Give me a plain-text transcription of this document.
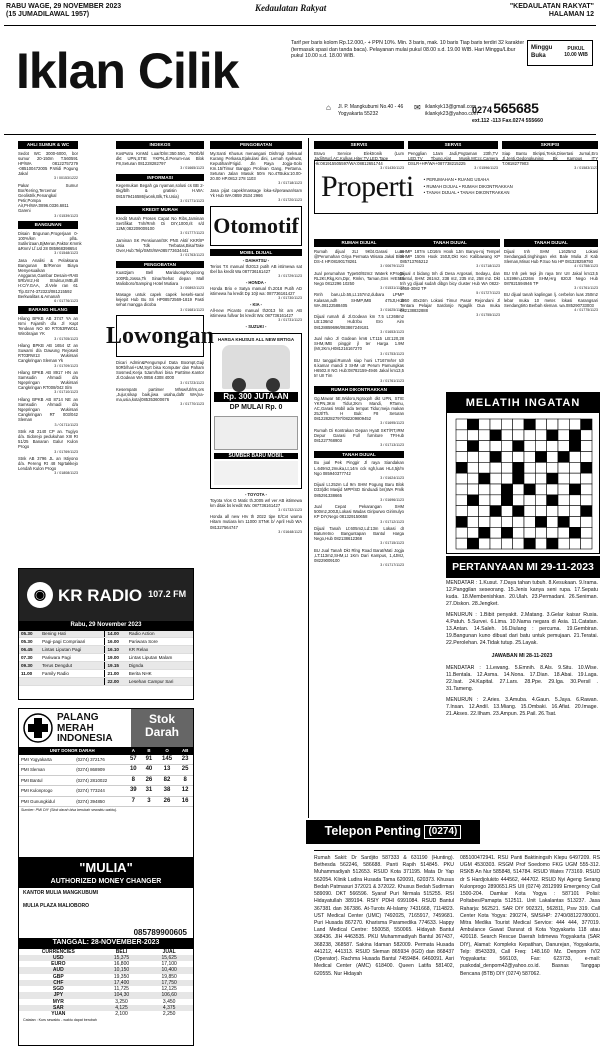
RABU WAGE, 29 NOVEMBER 2023
(15 JUMADILAWAL 1957)
Kedaulatan Rakyat	"KEDAULATAN RAKYAT"
HALAMAN 12
Iklan Cilik	Tarif per baris kolom Rp.12.000,- + PPN 10%. Min. 3 baris, mak. 10 baris Tiap baris terdiri 32 karakter (termasuk spasi dan tanda baca). Pelayanan mulai pukul 08.00 s.d. 19.00 WIB. Hari Minggu/Libur pukul 10.00 s.d. 18.00 WIB.
Minggu
Buka
PUKUL
10.00 WIB
⌂ Jl. P. Mangkubumi No.40 - 46
Yogyakarta 55232
✉ iklankyk13@gmail.com
iklankyk23@yahoo.com
0274 565685
ext.112 -113 Fax.0274 555660
AHLI SUMUR & WC

Sedot WC 3000-6000, bor sumur 20-150m T.560591 HP/WA 0812275727​9 -085100472005 P.Widi Pogung Jakal

3 / 00153/1222

Pakar Sumur Bor/Kering,Tercemar Geolistrik,Penangkal Petir,Pompa Air,PH/WA:0896.0336.6811 Gareni

3 / 01539/1123
BANGUNAN

Disain Bngunan,Progerjaan 0-100%/km pl/&. Sutikrizaan,BjMeran,Paktor.Kmmk &Rnm/ Lf.Ud 28 085968398654

3 / 01548/1123

Jasa Analisi & Pelaksana Bangunan Br/Renov Biaya Menyesuaikan Anggaran,Gambar Desain+RAB 5Rb/m2,Hit Struktur,IMB,dll H:C/Y.GAA, Jl.Vele ran 61 Tlp.0274-372323/081215592 Berkwalitas & Amanah

6 / 01776/1123
BARANG HILANG

Hilang BPKB AB 3747 YA an Ismi Fajarsih d/a Jl Kapt Tendean NO 60 RT053RW011 Wirobrajan YK

3 / 01705/1123

Hilang BPKB AB 1654 IZ an Suwarni d/a Dawung Rejoswit RT03RW13 Wukirsari Cangkringan Sleman Yk

3 / 01709/1123

Hilang BPKB AB 8917 HN an Samsudin Ahmadi d/a Ngepringan Wukirsari Cangkringan RT008/042 Slm

3 / 01710/1123

Hilang BPKB AB 8714 NE an Samsudin Ahmadi d/a Ngepringan Wukirsari Cangkringan RT 003/042 Sleman

3 / 01711/1123

Stnk AB 2140 CP an. Tugiyo d/a. Sidorejo pedukuhan XIII RI 51/25 Banaran Galur Kulon Progo

3 / 01769/1123

Stnk AB 3796 JL an Istiyono d/a. Pereng Rt 48 Ngrtakkejo Lendah Kulon Progo

3 / 01808/1123
INDEKOS

KosPutra KmMd Luar/Dlm:350.550, 750rb/bl dkt UPN,STIE YKPN,Jl.Perum-nas Blok F8,Seturan 081228282797

3 / 01665/1123
INFORMASI

Kegemukan Begah ga nyaman,solusi cs BB 2-5kg/blh & gratisin H.WA: 081579416586(wonk,Blk,Tk.Usia)

3 / 01771/1123
KREDIT MURAH

Kredit Murah Proses Capat No Ribs,Jaminan Sertifikat Tnh/Rmh Di DIY,1000,rit s/d 12Mr,0822090091​00

3 / 01777/1123

Jaminan SK Pensiunan/SK PNS Akti/ KKR/IP Usia Tdk Terbatas,Bisa/Take Over,Hub:Telp/SMS/WA085773​634441

3 / 01763/1123
PENGOBATAN

Kuat2jam Bell Mariduong/Kopicong 100Rb,Jossa,Tk Sinar/Sehat depan Mall Malioboro/Samping Hotel Mutiara

3 / 00892/1123

Masage untuk capek capek kesehi-sara/ kejepit Hub Bu Sri HP08572569-1819 Pasti sehat mangga dicoba

3 / 01681/1123
Lowongan

Dicari Admin&Pengumpul Data Boompt,Gaji 50Rb/hari+UM,Syrt bisa Komputer dan Paham Sosmed,Kerja 5Jam/hari bisa Parttime.Kantor Jl.Godean WA 0856 4308 4000

3 / 01723/1123

Kesempatn partimer Mhsw/Ul/Irs,ors ,Jujur,sikap baik,jiwa usaha,daftr WA(na-ma,usia,kota)085353600676

3 / 01770/1123
PENGOBATAN

My.Santi Khusus menangani Dishrogi Seksual Kurang Perkasa,Ejakulasi dini, Lemah syahwat, Keputihan/Frigid. Jln Raya Jogja-Solo Km.15/Timur Banggo Prolinan Gang, Pertama. Seturan Jalan Masuk 50m No.47Buka:10.00-20.00 HP.0812 278 1103

3 / 01718/1123

Jasa pijat capek/massage loka-si/perawan/sam Yk Hub WA 0859 2534 2966

3 / 01720/1123
Otomotif
MOBIL DIJUAL
- DAIHATSU -

Terios TX manual th2013 putih AB istimewa sat Ibel ba kredit Wa 087736161427

3 / 01729/1123
- HONDA -

Honda Brio e Satya manual th.2018 Putih AD istimewa ha kredit Dp 10jt wa: 087736161427

3 / 01730/1123
- KIA -

All-new Picanto manual th2013 hit am AB istimewa fullvar bs kredit Wa: 087736161427

3 / 01731/1123
- SUZUKI -
HARGA KHUSUS ALL NEW ERTIGA
Rp. 300 JUTA-AN
DP MULAI Rp. 0
SUMBER BARU MOBIL
- TOYOTA -

Toyota Vios G Matic th.2005 wrl ver AB istimewa km ditak bs kredit Wa: 087736161427

3 / 01732/1123

Honda all new Hrv th 2022 tipe E/Cvt warna Hitam mutiara km 11000 STNK b/ April Hub WA 081327564747

3 / 01648/1123
SERVIS

Bravo Service Elektronik (Lum Jadi)Mucl,AC,Kulkas,Hiter,TV,LED,Tape Hk:081915505597/WA:08812651744

3 / 01430/1123
SERVIS

Pengglian 1Jam Jadi,Pngtaman 23th,TV LED,TV Tbung,Alat Musik,MCcc,Camera DSLR+HP/WA+087738215225

3 / 01596/1123
SKRIPSI

Siap Bantu Skripsi,Tesis,Disertasi Jurnal,Ero Jl.Jenti,Gedongkuning Bk Kampus ITY T.0818277903

3 / 01583/1123
Properti • PERUMAHAN • RUANG USAHA
• RUMAH DIJUAL • RUMAH DIKONTRAKKAN
• TANAH DIJUAL • TANAH DIKONTRAKKAN
RUMAH DIJUAL

Rumah dijual 2Lt 9Kbt.Garasi Luas @Perumahan Griya Permata Wisata Jakal Blok DS-4 HP.0819017​8261

3 / 00679/1123

Jual perumahan Type50/92m2 Waterk KProgo RL2Kt,Rkg,Km,Dpr, Rmkn, Taman,Gns HrE5Ul Nego 0812296​ 10250

3 / 01531/1123

Rmh baru,Lb.55,Lt.157m2,dubara LPMP Kalasan,adh SHMP,IMB 475Jt,Hub WA.08122588405

3 / 01625/1123

Dijual rumah di Jl.Godean km 7.5 Lt:268m2 LB:136m2 Hub:Ibu Ero Aim 08128859696/08386724​9181

3 / 01653/1123

Jual ruko Jl Godean km6 LT:115 LB:120,28 SHM,IMB pinggir jl ter Harga 1.9M (Mr,2Km,H081216167270

3 / 01753/1123

BU tanggal.Rumah siap huni LT167m/ter tdr 6.kamar mandi 3 SHM utr Perum Pamungkas H6502.8 NG Hub:08782159-4946 Jakal km13,5 trr UII Tim

3 / 01761/1123
RUMAH DIKONTRAKKAN

Gg.Mawar 5E,Widoro,Ngroqoh dkt UPN, STIE YKPN,3Km Tidur,2Km Mandi, RTamu, AC,Garasi Mobil ada tempat Tidur,meja makan 25Jt/Th. H Buk: F8 Seturan 081228282797/0822098​09452

3 / 01695/1123

Rumah Di Kontrakan Depan Hyatt SKT/RT,IRM Depur Garasi Full furniture TP.Hub 081227768903

3 / 01713/1123
TANAH DIJUAL

Bu jual Pek Pinggir Jl raya Siandakan L.649m2,2muka,Lt,14m cck sgh,luas HL4,5jt/m Ngo 085940377742

3 / 01624/1123

Dijual Lt.252m Ld 9m SHM Pogung Baru Blok D33(dkt Masjid MPP/SD Sinduadi brs)WA Pmlk 08529133​8665

3 / 01696/1123

Jual Cepat Pekarangan SHM 500m2,200Jt,Lokasi Wadas Giripurwo Girimulyo KP DIY,Nego 081329​150658

3 / 01712/1123

Dijual Tanah Lt:605m2,Ld:13m Lokasi dI Baturretno Banguntapan Bantul Harga Nego,Hub 082138612368

3 / 01715/1123

BU Jual Tanah Dkt Rlng Road Barat/Mati Jogja ,LT:113m2,SHM,Lt 1Km Dari Kampus, 1,4JMJ, 08229009100

3 / 01717/1123
TANAH DIJUAL

SHMP 187m LD16m Hook 1Jm Banyu-roj Tempel SHMP 150m Hook 150Jt,Dkt Kec Kalibawang KP 085713765212

3 / 01718/1123

Dijual 4 bidang tnh di Desa Argosari, Sedayu, dan Bantul, SHM: 261m2, 238 m2, 235 m2, 258 m2. Dkt tnh yg dijual sudah dibgn bicy cluster Hub WA 0822-1058-3082 TP

5 / 01727/1123

1950 40x24m Lokasi Timur Pasar Rejondani Jl Tentara Pelajar Sardonjo Ngaglik Dua muka 082138832888

3 / 01755/1123
TANAH DIJUAL

Dijual tnh SHM L1625m2 Lokasi Sendangadi,tinghingan eks Bale Mulia Jl Kab Sleman,Minat Hub P.Suo No HP 081328259793

4 / 01758/1123

BU tnh pek tepi jln raya tmr UII Jakal km13,5 LS199m,LD26m SHM,Hrg 820Jt Nego Hub 087821594946 TP

3 / 01761/1123

BU dijual tanah kaplingan /j. cerbelon luas 250m2 lebar muka 10 meter. lokasi Karangsari Sendangtirto Berbah sleman. wa.085290733003

4 / 01775/1123
MELATIH INGATAN
PERTANYAAN MI 29-11-2023

MENDATAR : 1.Kusut. 7.Daya tahan tubuh. 8.Kesukaan. 9.Irama. 12.Panggilan seseorang. 15.Jenis kanya seni rupa. 17.Sepatu kuda. 18.Membenishkan. 20.Ulah. 23.Permadani. 26.Seniman. 27.Diskon. 28.Jengket.

MENURUN : 1.Bibit penyakit. 2.Matang. 3.Gelar kaisar Rusia. 4.Patuh. 5.Survei. 6.Lima. 10.Nama negara di Asia. 11.Catatan. 13.Antan. 14.Saleh. 16.Diulang : percuma. 19.Gembiran. 19.Bangunan kuno dibuat dari batu untuk pemujaan. 21.Teratai. 22.Perolehan. 24.Tidak tutup. 25.Layak.

JAWABAN MI 28-11-2023

MENDATAR : 1.Lewang. 5.Emnih. 8.Als. 9.Situ. 10.Wise. 11.Bentala. 12.Asma. 14.Nona. 17.Dian. 18.Abai. 19.Laga. 22.Isat. 24.Kapital. 27.Lars. 28.Ppe. 29.Iga. 30.Persil . 31.Tameng.

MENURUN : 2.Aries. 3.Amuba. 4.Gaun. 5.Jaya. 6.Rawan. 7.Insan. 12.Andil. 13.Miang. 15.Ombaki. 16.Afiat. 20.Image. 21.Akses. 22.Ilham. 23.Ampun. 25.Pail. 26.Tsat.

◉ KR RADIO 107.2 FM
Rabu, 29 November 2023
05.30	Bening Hati	14.00	Radio Action
05.30	Pagi-pagi Compriaari	16.00	Pariwara Sore
06.45	Lintas Liputan Pagi	16.10	KR Relax
07.30	Pariwara Pagi	19.00	Lintas Liputan Malam
09.30	Terus Dengdut	19.15	Dignda
11.00	Family Radio	21.00	Berita NHK
		22.00	Lesehan Campur Sari
PALANG
MERAH
INDONESIA
Stok
Darah
UNIT DONOR DARAH		A	B	O	AB
PMI Yogyakarta	(0274) 372176	57	91	145	23
PMI Sleman	(0274) 868909	10	40	13	25
PMI Bantul	(0274) 2810022	8	26	82	8
PMI Kulonprogo	(0274) 773244	39	31	38	12
PMI Gunungkidul	(0274) 394850	7	3	26	16
Sumber: PMI DIY (Stok darah bisa berubah sewaktu-waktu).
"MULIA"
AUTHORIZED MONEY CHANGER
KANTOR MULIA MANGKUBUMI
MULIA PLAZA MALIOBORO
085789900605
TANGGAL: 28-NOVEMBER-2023
CURRENCIES	BELI	JUAL
USD	15,375	15,625
EURO	16,800	17,100
AUD	10,150	10,400
GBP	19,350	19,850
CHF	17,400	17,750
SGD	11,725	12,125
JPY	104,30	106,60
MYR	3,250	3,450
SAR	4,125	4,375
YUAN	2,100	2,250
Catatan : Kurs sewaktu - waktu dapat berubah
Telepon Penting
(0274)
Rumah Sakit: Dr Sardjito 587333 & 631190 (Hunting). Bethesda 562246, 586688. Panti Rapih 514845. PKU Muhammadiyah 512653. RSUD Kota 371195. Mata Dr Yap 562054. Klinik Ludira Husada Tama 620091, 620373. Khusus Bedah Patmasuri 372021 & 372022. Khusus Bedah Sudirman 589090. DKT 566596. Syaraf Puri Nirmala 515255. RSI Hidayatullah 389194. RSIY PDHI 6991084. RSUD Bantul 367381 dan 367386. At-Turots Al-Islamy 7431668, 7114823. UST Medical Center (UMC) 7492025, 7165917, 7459681. Puri Husada 867270. Kharisma Paramedika 774633. Happy Land Medical Centre: 550058, 550065. Hidayah Bantul 368436. JIH 4463535. PKU Muhammadiyah Bantul 367437, 368238, 368587. Sakina Idaman 582009. Permata Husada 441212, 441313. RSUD Sleman 865934 (IGD) dan 868437 (Operator). Rachma Husada Bantul 7459484. 6460091. Asri Medical Center (AMC) 618400. Queen Latifa 581402, 620555. Nur Hidayah
085100472941. RSU Panti Baktiningsih Klepu 6497209. RS UGM 4530303. RSGM Prof Soedomo FKG UGM 555-312. RSKB An Nur 585848, 514784. RSUD Wates 773169. RSUD dr S Hardjolukito 444562, 444702. RSUD Nyi Ageng Serang Kulonprogo 2890651.RS UII (0274) 2812999 Emergency Call 1500-204. Damkar Kota Yogya : 587101 Polisi: Poltabes/Pamapta 512511. Unit Lakalantas 513237. Jasa Raharja: 562521. SAR DIY 902321, 562811, Psw 319. Call Center Kota Yogya: 290274, SMS/HP: 2740/08122780001. Mitra Medika Tourist Medical Service: 444 444, 377019. Ambulance Gawat Darurat di Kota Yogyakarta 118 atau 420118. Search Rescue Daerah Istimewa Yogyakarta (SAR DIY), Alamat: Kompleks Kepatihan, Danurejan, Yogyakarta, Telp: 8543339, Call Freq: 148.160 Mz. Denpom IV/2 Yogyakarta: 566103, Fax: 623733, e-mail: puskodal_denpom42@yahoo.co.id. Basnas Tanggap Bencana (BTB) DIY (0274) 587062.
